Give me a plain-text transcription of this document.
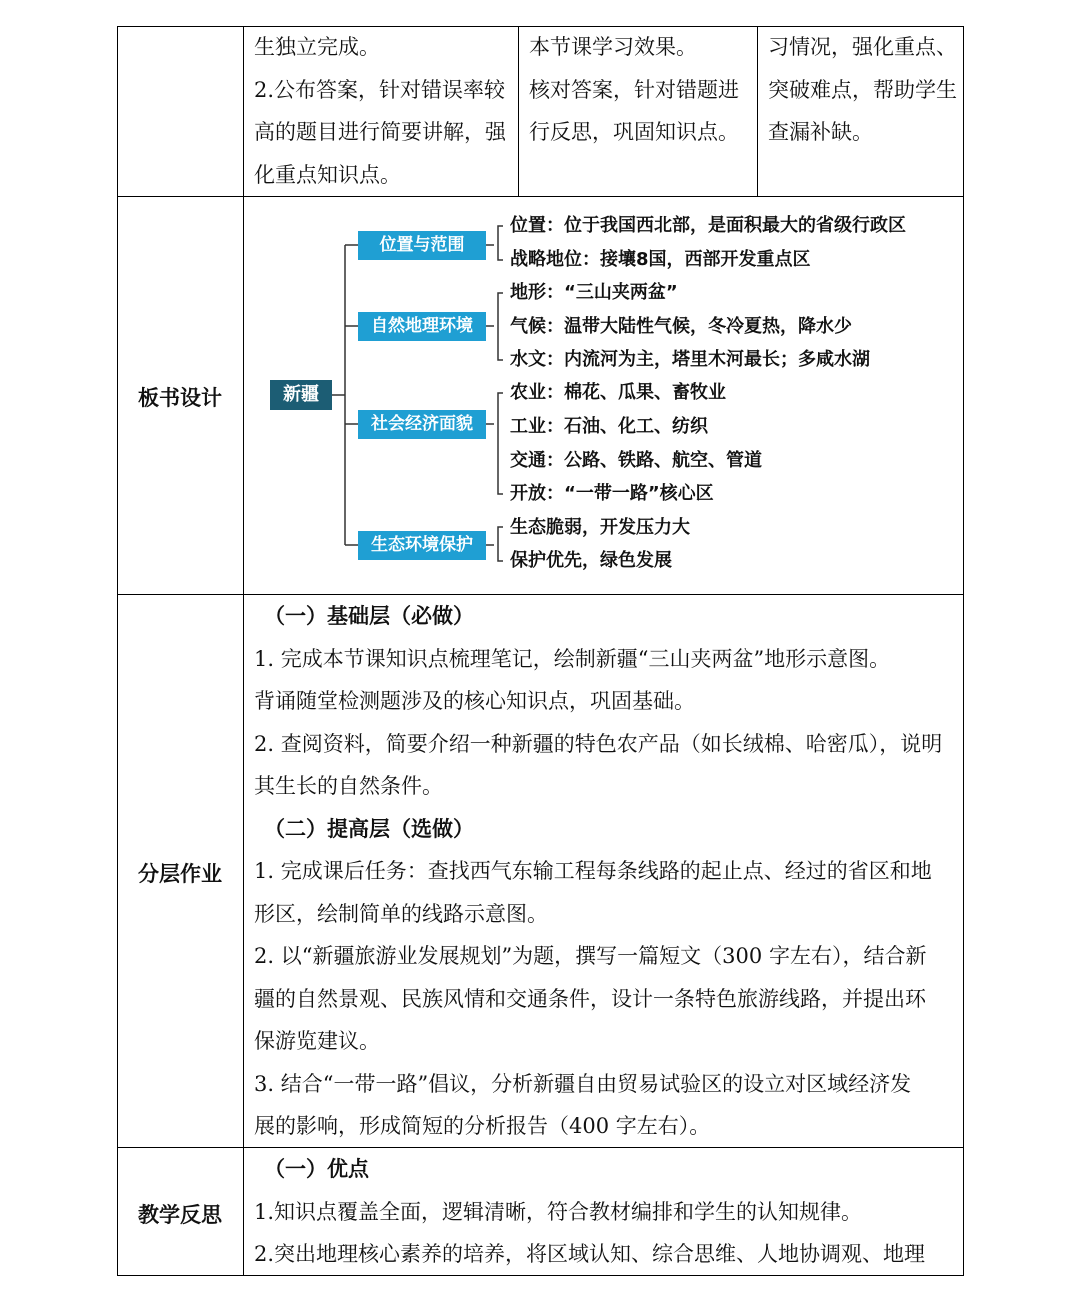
生独立完成。

2.公布答案，针对错误率较

高的题目进行简要讲解，强

化重点知识点。

本节课学习效果。

核对答案，针对错题进

行反思，巩固知识点。

习情况，强化重点、

突破难点，帮助学生

查漏补缺。

板书设计	新疆
位置与范围
自然地理环境
社会经济面貌
生态环境保护
位置：位于我国西北部，是面积最大的省级行政区
战略地位：接壤8国，西部开发重点区
地形：“三山夹两盆”
气候：温带大陆性气候，冬冷夏热，降水少
水文：内流河为主，塔里木河最长；多咸水湖
农业：棉花、瓜果、畜牧业
工业：石油、化工、纺织
交通：公路、铁路、航空、管道
开放：“一带一路”核心区
生态脆弱，开发压力大
保护优先，绿色发展
分层作业

（一）基础层（必做）

1. 完成本节课知识点梳理笔记，绘制新疆“三山夹两盆”地形示意图。

背诵随堂检测题涉及的核心知识点，巩固基础。

2. 查阅资料，简要介绍一种新疆的特色农产品（如长绒棉、哈密瓜），说明

其生长的自然条件。

（二）提高层（选做）

1. 完成课后任务：查找西气东输工程每条线路的起止点、经过的省区和地

形区，绘制简单的线路示意图。

2. 以“新疆旅游业发展规划”为题，撰写一篇短文（300 字左右），结合新

疆的自然景观、民族风情和交通条件，设计一条特色旅游线路，并提出环

保游览建议。

3. 结合“一带一路”倡议，分析新疆自由贸易试验区的设立对区域经济发

展的影响，形成简短的分析报告（400 字左右）。

教学反思

（一）优点

1.知识点覆盖全面，逻辑清晰，符合教材编排和学生的认知规律。

2.突出地理核心素养的培养，将区域认知、综合思维、人地协调观、地理
